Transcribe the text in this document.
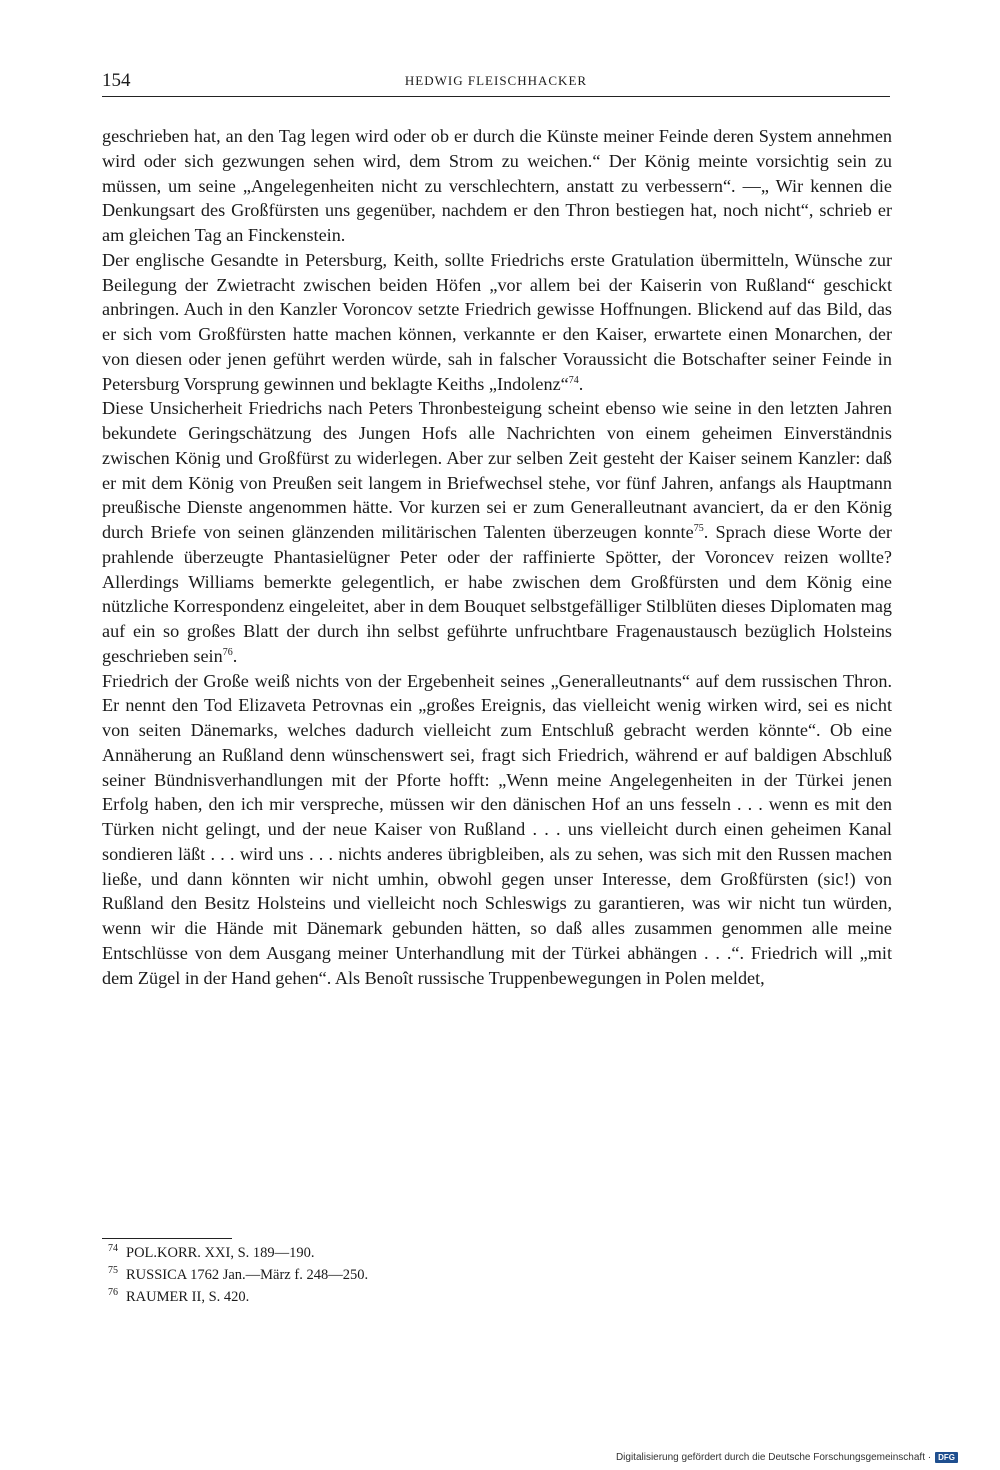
154	HEDWIG FLEISCHHACKER

geschrieben hat, an den Tag legen wird oder ob er durch die Künste meiner Feinde deren System annehmen wird oder sich gezwungen sehen wird, dem Strom zu weichen.“ Der König meinte vorsichtig sein zu müssen, um seine „Angelegenheiten nicht zu verschlechtern, anstatt zu verbessern“. —„ Wir kennen die Denkungsart des Großfürsten uns gegenüber, nachdem er den Thron bestiegen hat, noch nicht“, schrieb er am gleichen Tag an Finckenstein.

Der englische Gesandte in Petersburg, Keith, sollte Friedrichs erste Gratulation übermitteln, Wünsche zur Beilegung der Zwietracht zwischen beiden Höfen „vor allem bei der Kaiserin von Rußland“ geschickt anbringen. Auch in den Kanzler Voroncov setzte Friedrich gewisse Hoffnungen. Blickend auf das Bild, das er sich vom Großfürsten hatte machen können, verkannte er den Kaiser, erwartete einen Monarchen, der von diesen oder jenen geführt werden würde, sah in falscher Voraussicht die Botschafter seiner Feinde in Petersburg Vorsprung gewinnen und beklagte Keiths „Indolenz“$^{74}$.

Diese Unsicherheit Friedrichs nach Peters Thronbesteigung scheint ebenso wie seine in den letzten Jahren bekundete Geringschätzung des Jungen Hofs alle Nachrichten von einem geheimen Einverständnis zwischen König und Großfürst zu widerlegen. Aber zur selben Zeit gesteht der Kaiser seinem Kanzler: daß er mit dem König von Preußen seit langem in Briefwechsel stehe, vor fünf Jahren, anfangs als Hauptmann preußische Dienste angenommen hätte. Vor kurzen sei er zum Generalleutnant avanciert, da er den König durch Briefe von seinen glänzenden militärischen Talenten überzeugen konnte$^{75}$. Sprach diese Worte der prahlende überzeugte Phantasielügner Peter oder der raffinierte Spötter, der Voroncev reizen wollte? Allerdings Williams bemerkte gelegentlich, er habe zwischen dem Großfürsten und dem König eine nützliche Korrespondenz eingeleitet, aber in dem Bouquet selbstgefälliger Stilblüten dieses Diplomaten mag auf ein so großes Blatt der durch ihn selbst geführte unfruchtbare Fragenaustausch bezüglich Holsteins geschrieben sein$^{76}$.

Friedrich der Große weiß nichts von der Ergebenheit seines „Generalleutnants“ auf dem russischen Thron. Er nennt den Tod Elizaveta Petrovnas ein „großes Ereignis, das vielleicht wenig wirken wird, sei es nicht von seiten Dänemarks, welches dadurch vielleicht zum Entschluß gebracht werden könnte“. Ob eine Annäherung an Rußland denn wünschenswert sei, fragt sich Friedrich, während er auf baldigen Abschluß seiner Bündnisverhandlungen mit der Pforte hofft: „Wenn meine Angelegenheiten in der Türkei jenen Erfolg haben, den ich mir verspreche, müssen wir den dänischen Hof an uns fesseln . . . wenn es mit den Türken nicht gelingt, und der neue Kaiser von Rußland . . . uns vielleicht durch einen geheimen Kanal sondieren läßt . . . wird uns . . . nichts anderes übrigbleiben, als zu sehen, was sich mit den Russen machen ließe, und dann könnten wir nicht umhin, obwohl gegen unser Interesse, dem Großfürsten (sic!) von Rußland den Besitz Holsteins und vielleicht noch Schleswigs zu garantieren, was wir nicht tun würden, wenn wir die Hände mit Dänemark gebunden hätten, so daß alles zusammen genommen alle meine Entschlüsse von dem Ausgang meiner Unterhandlung mit der Türkei abhängen . . .“. Friedrich will „mit dem Zügel in der Hand gehen“. Als Benoît russische Truppenbewegungen in Polen meldet,

$^{74}$ POL.KORR. XXI, S. 189—190.

$^{75}$ RUSSICA 1762 Jan.—März f. 248—250.

$^{76}$ RAUMER II, S. 420.

Digitalisierung gefördert durch die Deutsche Forschungsgemeinschaft · DFG
